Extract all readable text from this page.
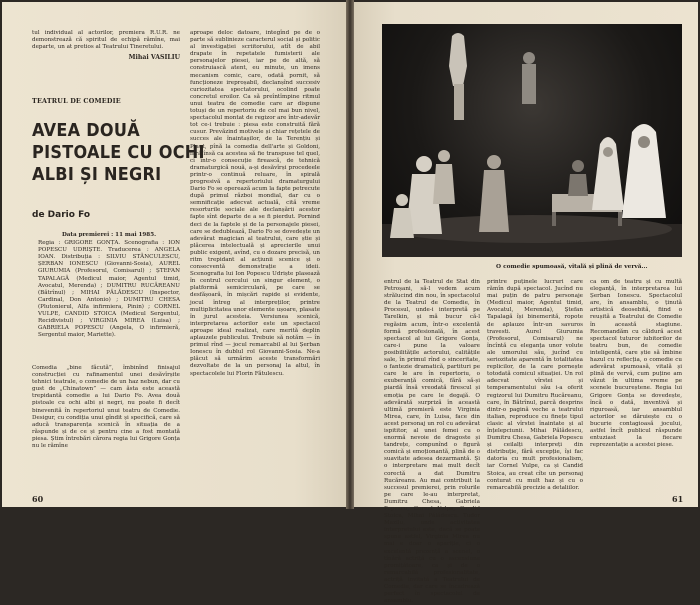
tul individual al actorilor, premiera R.U.R. ne demonstrează că spiritul de echipă rămîne, mai departe, un at pretios al Teatrului Tineretului.

Mihai VASILIU

TEATRUL DE COMEDIE
AVEA DOUĂ
PISTOALE CU OCHI
ALBI ȘI NEGRI
de Dario Fo

Data premierei : 11 mai 1985.

Regia : GRIGORE GONȚA. Scenografia : ION POPESCU UDRIȘTE. Traducerea : ANGELA IOAN. Distribuția : SILVIU STĂNCULESCU, ȘERBAN IONESCU (Giovanni-Sosia), AUREL GIURUMIA (Profesorul, Comisarul) ; ȘTEFAN TAPALAGĂ (Medicul maior, Agentul timid, Avocatul, Merenda) ; DUMITRU RUCĂREANU (Bătrînul) ; MIHAI PĂLĂDESCU (Inspector, Cardinal, Don Antonio) ; DUMITRU CHESA (Plutonierul, Alfa infirmiera, Pinin) ; CORNEL VULPE, CANDID STOICA (Medicul Sergentul, Recidivistul) ; VIRGINIA MIREA (Luisa) ; GABRIELA POPESCU (Angela, O infirmieră, Sergentul maior, Mariette).

Comedia „bine făcută”, îmbinînd finisajul construcției cu rafinamentul unei desăvîrșite tehnici teatrale, o comedie de un haz nebun, dar cu gust de „Chinatown” — cam ăsta este această trepidantă comedie a lui Dario Fo. Avea două pistoale cu ochi albi și negri, nu poate fi decît binevenită în repertoriul unui teatru de Comedie. Desigur, cu condiția unui gîndit și specifică, care să aducă transparența scenică în situația de a răspunde și de ce și pentru cine a fost montată piesa. Știm întrebări cărora regia lui Grigore Gonța nu le rămîne

aproape deloc datoare, integînd pe de o parte să sublinieze caracterul social și politic al investigației scriitorului, atît de abil drapate în repetatele fumisterii ale personajelor piesei, iar pe de altă, să construiască atent, eu minute, un imens mecanism comic, care, odată pornit, să funcționeze ireproșabil, declanșînd succesiv curiozitatea spectatorului, ocolind poate concretul eroilor. Ca să preîntîmpine ritmul unui teatru de comedie care ar dispune totuși de un repertoriu de cel mai bun nivel, spectacolul montat de regizor are într-adevăr tot ce-i trebuie : piesa este construită fără cusur. Prevăzind motivele și chiar rețetele de succes ale înaintașilor, de la Terențiu și Plaut, pînă la comedia dell'arte și Goldoni, fără însă ca acestea să fie transpuse tel quel, ci într-o consecuție firească, de tehnică dramaturgică nouă, a-și desăvîrși procedeele printr-o continuă reluare, în spirală progresivă a repertoriului dramaturgului Dario Fo se operează acum la fapte petrecute după primul război mondial, dar cu o semnificație adecvat actuală, cită vreme resorturile sociale ale declanșării acestor fapte sînt departe de a se fi pierdut. Pornind deci de la faptele și de la personajele piesei, care se dedublează, Dario Fo se dovedește un adevărat magician al teatrului, care știe și plăcerea intelectuală și aprecierile unui public exigent, avînd, cu o dozare precisă, un ritm trepidant al acțiunii scenice și o consecventă demonstrație a ideii. Scenografia lui Ion Popescu Udriște plasează în centrul cercului un singur element, o platformă semicirculară, pe care se desfășoară, în mișcări rapide și evidente, jocul întreg al interpreților, printre multiplicitatea unor elemente ușoare, plasate în jurul acesteia. Versiunea scenică, interpretarea actorilor este un spectacol aproape ideal realizat, care merită deplin aplauzele publicului. Trebuie să notăm — în primul rînd — jocul remarcabil al lui Șerban Ionescu în dublul rol Giovanni-Sosia. Ne-a plăcut să urmărim aceste transformări dezvoltate de la un personaj la altul, în spectacolele lui Florin Fătulescu.

60
O comedie spumoasă, vitală și plină de vervă...

entrul de la Teatrul de Stat din Petroșani, să-l vedem acum strălucind din nou, în spectacolul de la Teatrul de Comedie, în Procesul, unde-i interpretă pe Tarelkin, și mă bucur că-l regăsim acum, într-o excelentă formă profesională, în acest spectacol al lui Grigore Gonța, care-i pune la valoare posibilitățile actorului, calitățile sale, în primul rînd o sinceritate, o fantezie dramatică, partituri pe care le are în repertoriu, o exuberanță comică, fără să-și piardă însă vreodată firescul și emoția pe care le degajă. O adevărată surpriză în această ultimă premieră este Virginia Mirea, care, în Luisa, face din acest personaj un rol cu adevărat ispititor, al unei femei cu o enormă nevoie de dragoste și tandrețe, compunînd o figură comică și emoționantă, plină de o suavitate adesea dezarmantă. Și o interpretare mai mult decît corectă a dat Dumitru Rucăreanu. Au mai contribuit la succesul premierei, prin rolurile pe care le-au interpretat, Dumitru Chesa, Gabriela Popescu, Cornel Vulpe, Candid Stoica, Mihai Pălădescu. Tudor Mazilu, unde activitatea interpretului este, dacă se poate spune astfel, Virginia Mirea nu mai e doar o apariție, ci o excelentă prezență a scenei, o tînără actriță cu o ascensiune promițătoare, ca și de o remarcabilă profesionalitate, actriță invitată a Teatrului de Comedie, dar care se încadrează perfect în spectacolul de ansamblu.

printre puținele lucruri care rămîn după spectacol. Jucînd nu mai puțin de patru personaje (Medicul maior, Agentul timid, Avocatul, Merenda), Ștefan Tapalagă își binemerită, ropote de aplauze într-un savuros travesti. Aurel Giurumia (Profesorul, Comisarul) ne încîntă cu eleganța unor volute ale umorului său, jucînd cu seriozitate aparentă în totalitatea replicilor, de la care pornește totodată comicul situației. Un rol adecvat vîrstei și temperamentului său i-a oferit regizorul lui Dumitru Rucăreanu, care, în Bătrînul, parcă desprins dintr-o pagină veche a teatrului italian, reproduce cu finețe tipul clasic al vîrstei înaintate și al înțelepciunii. Mihai Pălădescu, Dumitru Chesa, Gabriela Popescu și ceilalți interpreți din distribuție, fără excepție, își fac datoria cu mult profesionalism, iar Cornel Vulpe, ca și Candid Stoica, au creat cîte un personaj conturat cu mult haz și cu o remarcabilă precizie a detaliilor.

ca om de teatru și cu multă eleganță, în interpretarea lui Șerban Ionescu. Spectacolul are, în ansamblu, o ținută artistică deosebită, fiind o reușită a Teatrului de Comedie în această stagiune. Recomandăm cu căldură acest spectacol tuturor iubitorilor de teatru bun, de comedie inteligentă, care știe să îmbine hazul cu reflecția, o comedie cu adevărat spumoasă, vitală și plină de vervă, cum puține am văzut în ultima vreme pe scenele bucureștene. Regia lui Grigore Gonța se dovedește, încă o dată, inventivă și riguroasă, iar ansamblul actorilor se dăruiește cu o bucurie contagioasă jocului, astfel încît publicul răspunde entuziast la fiecare reprezentație a acestei piese.

61
